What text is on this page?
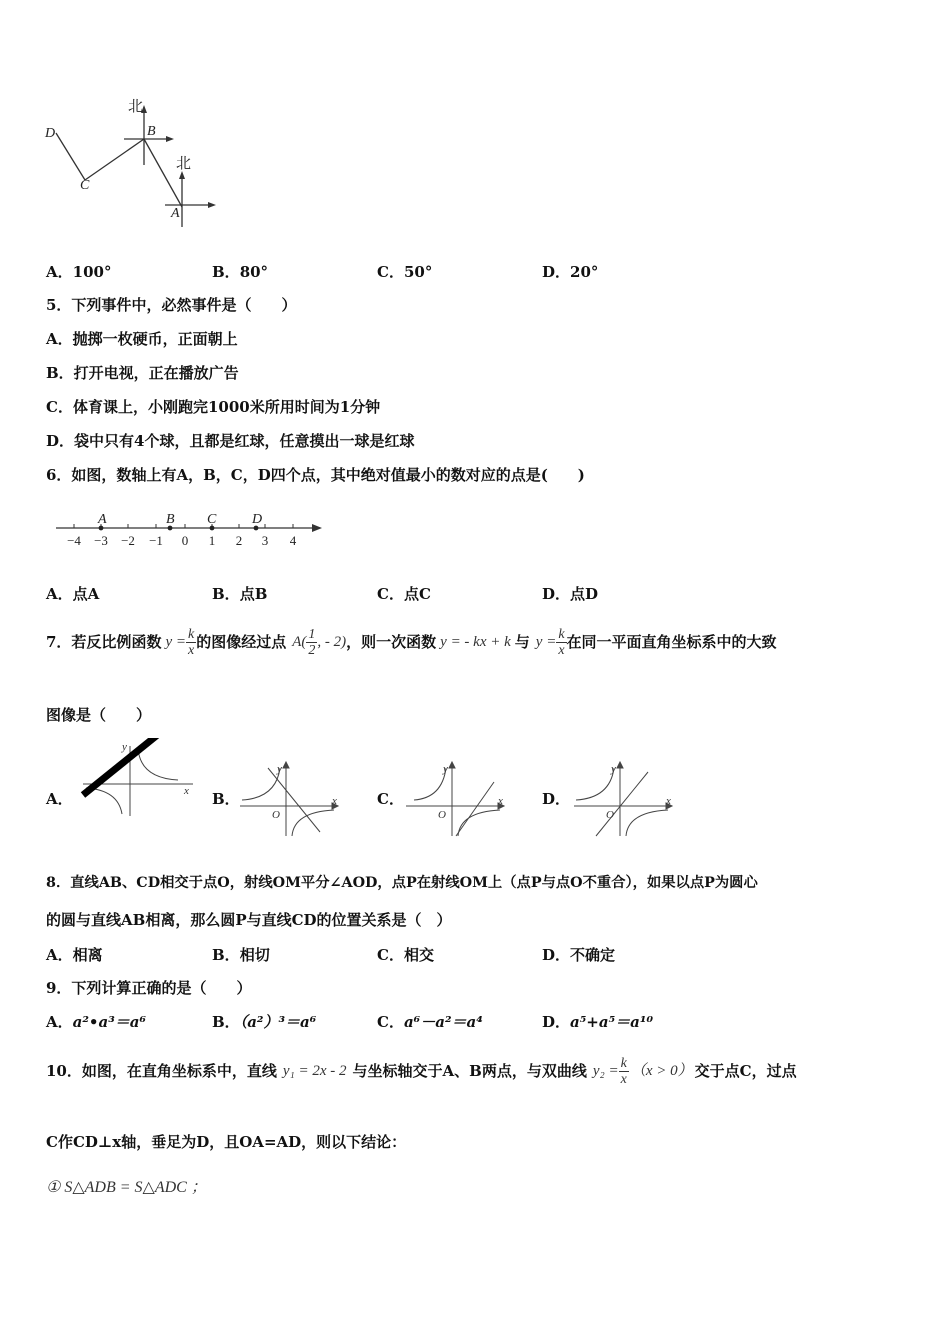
北
北
B
A
C
D
A．100°	B．80°	C．50°	D．20°
5．下列事件中，必然事件是（　　）
A．抛掷一枚硬币，正面朝上
B．打开电视，正在播放广告
C．体育课上，小刚跑完1000米所用时间为1分钟
D．袋中只有4个球，且都是红球，任意摸出一球是红球
6．如图，数轴上有A，B，C，D四个点，其中绝对值最小的数对应的点是(　　)
A	B C	D
−4 −3 −2 −1 0 1 2 3 4
A．点A	B．点B	C．点C	D．点D
7．若反比例函数 $y = \frac{k}{x}$ 的图像经过点 $A( \frac{1}{2}$ , - 2) ，则一次函数 y = - kx + k 与 $y = \frac{k}{x}$ 在同一平面直角坐标系中的大致
图像是（　　）
A．
y
x B．
y
x
O
C．
y
x
O
D．
y
x
O
8．直线AB、CD相交于点O，射线OM平分∠AOD，点P在射线OM上（点P与点O不重合），如果以点P为圆心
的圆与直线AB相离，那么圆P与直线CD的位置关系是（　）
A．相离	B．相切	C．相交	D．不确定
9．下列计算正确的是（　　）
A．a²•a³＝a⁶	B．（a²）³＝a⁶	C．a⁶－a²＝a⁴	D．a⁵+a⁵＝a¹⁰
10．如图，在直角坐标系中，直线 y₁ = 2x - 2 与坐标轴交于A、B两点，与双曲线 $y_2 = \frac{k}{x} (x > 0)$ 交于点C，过点
C作CD⊥x轴，垂足为D，且OA=AD，则以下结论：
① S△ADB = S△ADC ；
